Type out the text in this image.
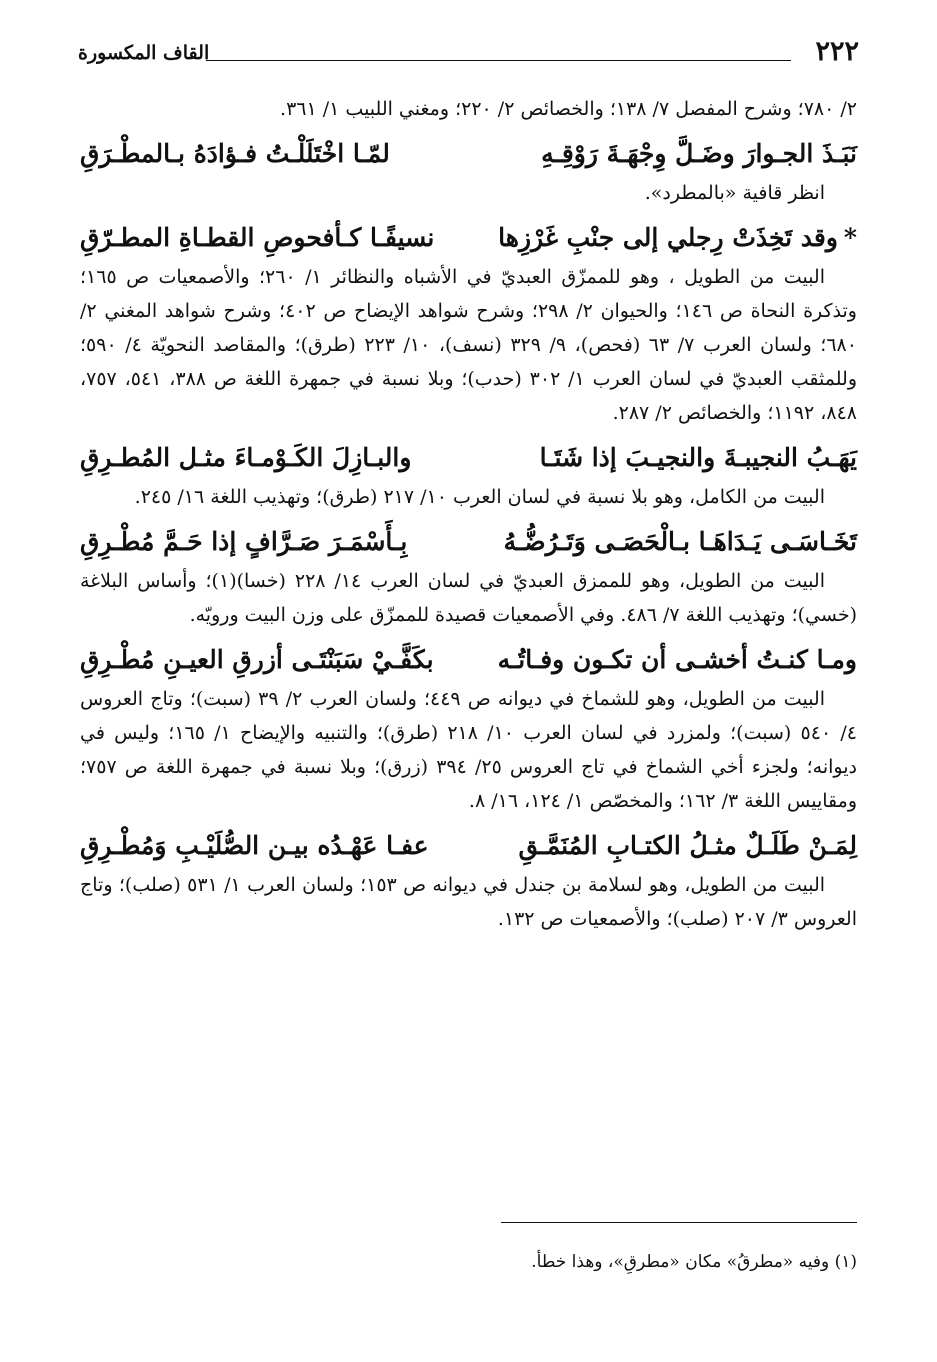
٢٢٢
القاف المكسورة
٢/ ٧٨٠؛ وشرح المفصل ٧/ ١٣٨؛ والخصائص ٢/ ٢٢٠؛ ومغني اللبيب ١/ ٣٦١.
نَبَـذَ الجـوارَ وضَـلَّ وِجْهَـةَ رَوْقِـهِ
لمّـا اخْتَلَلْـتُ فـؤادَهُ بـالمطْـرَقِ
انظر قافية «بالمطرد».
*وقد تَخِذَتْ رِجلي إلى جنْبِ غَرْزِها
نسيفًـا كـأفحوصِ القطـاةِ المطـرّقِ
البيت من الطويل ، وهو للممزّق العبديّ في الأشباه والنظائر ١/ ٢٦٠؛ والأصمعيات ص ١٦٥؛ وتذكرة النحاة ص ١٤٦؛ والحيوان ٢/ ٢٩٨؛ وشرح شواهد الإيضاح ص ٤٠٢؛ وشرح شواهد المغني ٢/ ٦٨٠؛ ولسان العرب ٧/ ٦٣ (فحص)، ٩/ ٣٢٩ (نسف)، ١٠/ ٢٢٣ (طرق)؛ والمقاصد النحويّة ٤/ ٥٩٠؛ وللمثقب العبديّ في لسان العرب ١/ ٣٠٢ (حدب)؛ وبلا نسبة في جمهرة اللغة ص ٣٨٨، ٥٤١، ٧٥٧، ٨٤٨، ١١٩٢؛ والخصائص ٢/ ٢٨٧.
يَهَـبُ النجيبـةَ والنجيـبَ إذا شَتَـا
والبـازِلَ الكَـوْمـاءَ مثـل المُطـرِقِ
البيت من الكامل، وهو بلا نسبة في لسان العرب ١٠/ ٢١٧ (طرق)؛ وتهذيب اللغة ١٦/ ٢٤٥.
تَخَـاسَـى يَـدَاهَـا بـالْحَصَـى وَتَـرُضُّـهُ
بِـأَسْمَـرَ صَـرَّافٍ إذا حَـمَّ مُطْـرِقِ
البيت من الطويل، وهو للممزق العبديّ في لسان العرب ١٤/ ٢٢٨ (خسا)(١)؛ وأساس البلاغة (خسي)؛ وتهذيب اللغة ٧/ ٤٨٦. وفي الأصمعيات قصيدة للممزّق على وزن البيت ورويّه.
ومـا كنـتُ أخشـى أن تكـون وفـاتُـه
بكَفَّـيْ سَبَنْتَـى أزرقِ العيـنِ مُطْـرِقِ
البيت من الطويل، وهو للشماخ في ديوانه ص ٤٤٩؛ ولسان العرب ٢/ ٣٩ (سبت)؛ وتاج العروس ٤/ ٥٤٠ (سبت)؛ ولمزرد في لسان العرب ١٠/ ٢١٨ (طرق)؛ والتنبيه والإيضاح ١/ ١٦٥؛ وليس في ديوانه؛ ولجزء أخي الشماخ في تاج العروس ٢٥/ ٣٩٤ (زرق)؛ وبلا نسبة في جمهرة اللغة ص ٧٥٧؛ ومقاييس اللغة ٣/ ١٦٢؛ والمخصّص ١/ ١٢٤، ١٦/ ٨.
لِمَـنْ طَلَـلٌ مثـلُ الكتـابِ المُنَمَّـقِ
عفـا عَهْـدُه بيـن الصُّلَيْـبِ وَمُطْـرِقِ
البيت من الطويل، وهو لسلامة بن جندل في ديوانه ص ١٥٣؛ ولسان العرب ١/ ٥٣١ (صلب)؛ وتاج العروس ٣/ ٢٠٧ (صلب)؛ والأصمعيات ص ١٣٢.
(١) وفيه «مطرقُ» مكان «مطرقِ»، وهذا خطأ.
